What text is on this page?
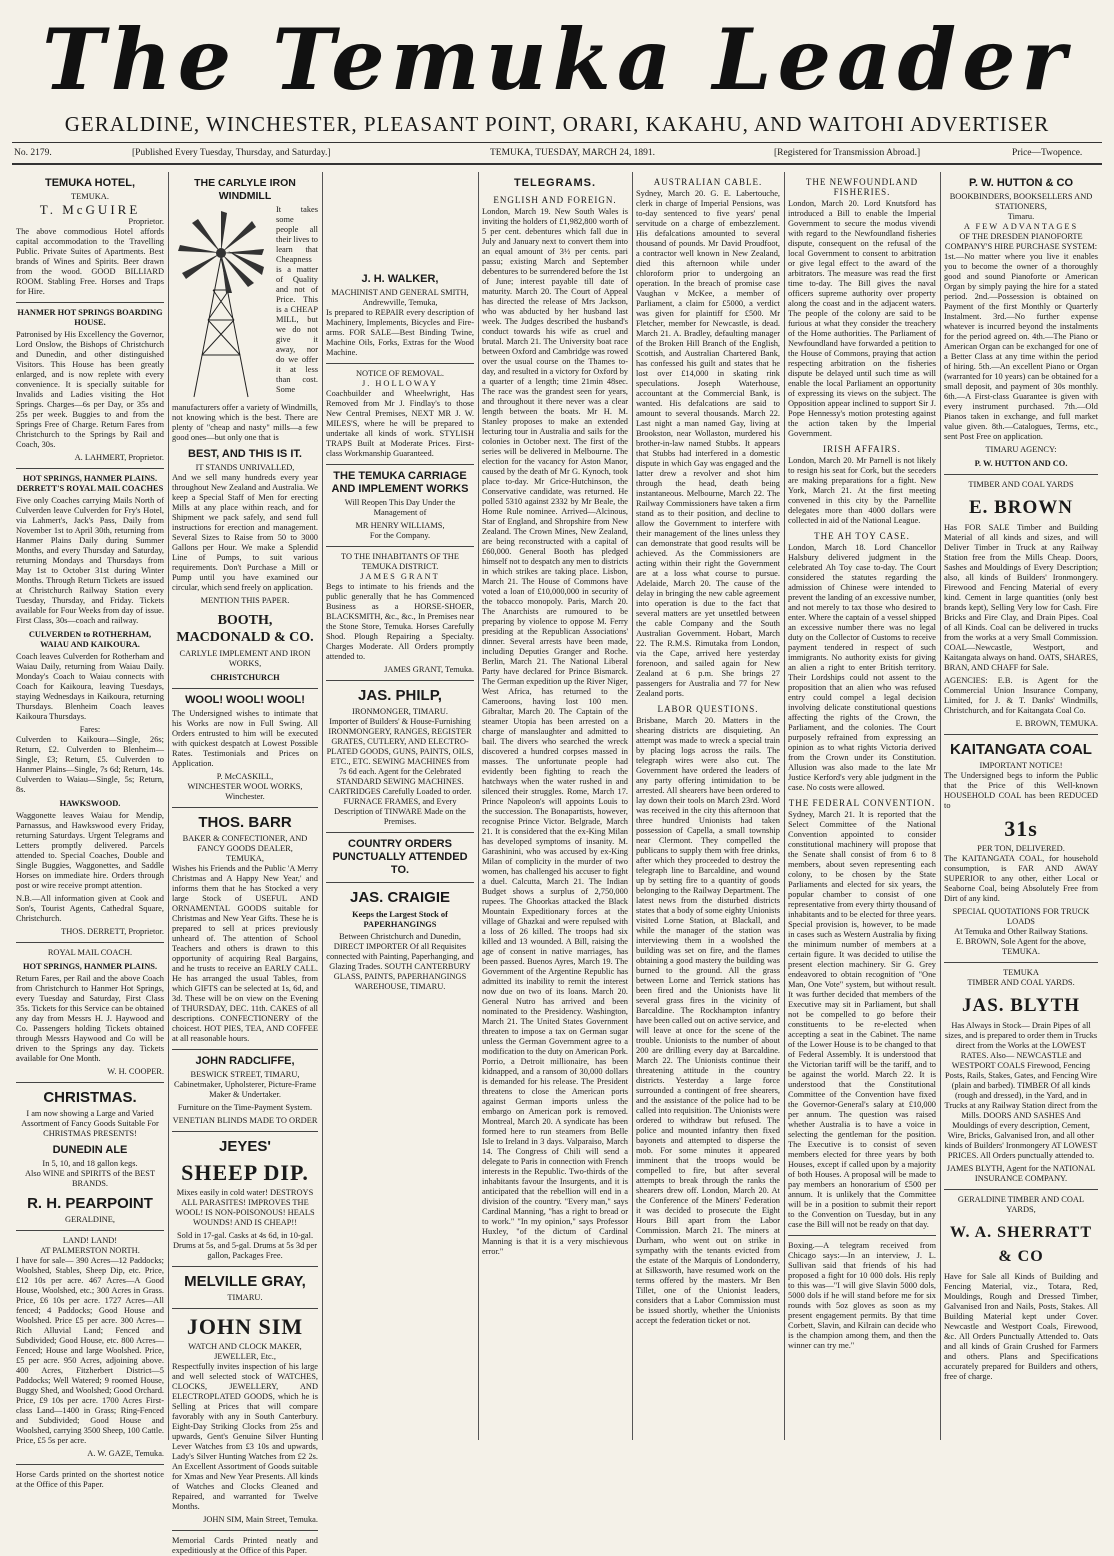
The Temuka Leader
GERALDINE, WINCHESTER, PLEASANT POINT, ORARI, KAKAHU, AND WAITOHI ADVERTISER
No. 2179.	[Published Every Tuesday, Thursday, and Saturday.]	TEMUKA, TUESDAY, MARCH 24, 1891.	[Registered for Transmission Abroad.]	Price—Twopence.
TEMUKA HOTEL,
TEMUKA.
T. McGUIRE
Proprietor.

The above commodious Hotel affords capital accommodation to the Travelling Public. Private Suites of Apartments. Best brands of Wines and Spirits. Beer drawn from the wood. GOOD BILLIARD ROOM. Stabling Free. Horses and Traps for Hire.

HANMER HOT SPRINGS BOARDING HOUSE.

Patronised by His Excellency the Governor, Lord Onslow, the Bishops of Christchurch and Dunedin, and other distinguished Visitors. This House has been greatly enlarged, and is now replete with every convenience. It is specially suitable for Invalids and Ladies visiting the Hot Springs. Charges—6s per Day, or 35s and 25s per week. Buggies to and from the Springs Free of Charge. Return Fares from Christchurch to the Springs by Rail and Coach, 30s.

A. LAHMERT, Proprietor.
HOT SPRINGS, HANMER PLAINS. DERRETT'S ROYAL MAIL COACHES

Five only Coaches carrying Mails North of Culverden leave Culverden for Fry's Hotel, via Lahmert's, Jack's Pass, Daily from November 1st to April 30th, returning from Hanmer Plains Daily during Summer Months, and every Thursday and Saturday, returning Mondays and Thursdays from May 1st to October 31st during Winter Months. Through Return Tickets are issued at Christchurch Railway Station every Tuesday, Thursday, and Friday. Tickets available for Four Weeks from day of issue. First Class, 30s—coach and railway.

CULVERDEN to ROTHERHAM, WAIAU AND KAIKOURA.

Coach leaves Culverden for Rotherham and Waiau Daily, returning from Waiau Daily. Monday's Coach to Waiau connects with Coach for Kaikoura, leaving Tuesdays, staying Wednesdays in Kaikoura, returning Thursdays. Blenheim Coach leaves Kaikoura Thursdays.

Fares:

Culverden to Kaikoura—Single, 26s; Return, £2. Culverden to Blenheim—Single, £3; Return, £5. Culverden to Hanmer Plains—Single, 7s 6d; Return, 14s. Culverden to Waiau—Single, 5s; Return, 8s.

HAWKSWOOD.

Waggonette leaves Waiau for Mendip, Parnassus, and Hawkswood every Friday, returning Saturdays. Urgent Telegrams and Letters promptly delivered. Parcels attended to. Special Coaches, Double and Single Buggies, Waggonettes, and Saddle Horses on immediate hire. Orders through post or wire receive prompt attention.

N.B.—All information given at Cook and Son's, Tourist Agents, Cathedral Square, Christchurch.

THOS. DERRETT, Proprietor.
ROYAL MAIL COACH.
HOT SPRINGS, HANMER PLAINS.

Return Fares, per Rail and the above Coach from Christchurch to Hanmer Hot Springs, every Tuesday and Saturday, First Class 35s. Tickets for this Service can be obtained any day from Messrs H. J. Haywood and Co. Passengers holding Tickets obtained through Messrs Haywood and Co will be driven to the Springs any day. Tickets available for One Month.

W. H. COOPER.
CHRISTMAS.

I am now showing a Large and Varied Assortment of Fancy Goods Suitable For CHRISTMAS PRESENTS!

DUNEDIN ALE
In 5, 10, and 18 gallon kegs.

Also WINE and SPIRITS of the BEST BRANDS.

R. H. PEARPOINT
GERALDINE,
LAND! LAND!
AT PALMERSTON NORTH.

I have for sale— 390 Acres—12 Paddocks; Woolshed, Stables, Sheep Dip, etc. Price, £12 10s per acre. 467 Acres—A Good House, Woolshed, etc.; 300 Acres in Grass. Price, £6 10s per acre. 1727 Acres—All fenced; 4 Paddocks; Good House and Woolshed. Price £5 per acre. 300 Acres—Rich Alluvial Land; Fenced and Subdivided; Good House, etc. 800 Acres—Fenced; House and large Woolshed. Price, £5 per acre. 950 Acres, adjoining above. 400 Acres, Fitzherbert District—5 Paddocks; Well Watered; 9 roomed House, Buggy Shed, and Woolshed; Good Orchard. Price, £9 10s per acre. 1700 Acres First-class Land—1400 in Grass; Ring-Fenced and Subdivided; Good House and Woolshed, carrying 3500 Sheep, 100 Cattle. Price, £5 5s per acre.

A. W. GAZE, Temuka.

Horse Cards printed on the shortest notice at the Office of this Paper.

THE CARLYLE IRON WINDMILL

It takes some people all their lives to learn that Cheapness is a matter of Quality and not of Price. This is a CHEAP MILL, but we do not give it away, nor do we offer it at less than cost. Some manufacturers offer a variety of Windmills, not knowing which is the best. There are plenty of "cheap and nasty" mills—a few good ones—but only one that is

BEST, AND THIS IS IT.
IT STANDS UNRIVALLED,

And we sell many hundreds every year throughout New Zealand and Australia. We keep a Special Staff of Men for erecting Mills at any place within reach, and for Shipment we pack safely, and send full instructions for erection and management. Several Sizes to Raise from 50 to 3000 Gallons per Hour. We make a Splendid Line of Pumps, to suit various requirements. Don't Purchase a Mill or Pump until you have examined our circular, which send freely on application.

MENTION THIS PAPER.
BOOTH, MACDONALD & CO.
CARLYLE IMPLEMENT AND IRON WORKS,
CHRISTCHURCH
WOOL! WOOL! WOOL!

The Undersigned wishes to intimate that his Works are now in Full Swing. All Orders entrusted to him will be executed with quickest despatch at Lowest Possible Rates. Testimonials and Prices on Application.

P. McCASKILL,
WINCHESTER WOOL WORKS, Winchester.
THOS. BARR
BAKER & CONFECTIONER, AND FANCY GOODS DEALER,
TEMUKA,

Wishes his Friends and the Public 'A Merry Christmas and A Happy New Year,' and informs them that he has Stocked a very large Stock of USEFUL AND ORNAMENTAL GOODS suitable for Christmas and New Year Gifts. These he is prepared to sell at prices previously unheard of. The attention of School Teachers and others is drawn to this opportunity of acquiring Real Bargains, and he trusts to receive an EARLY CALL. He has arranged the usual Tables, from which GIFTS can be selected at 1s, 6d, and 3d. These will be on view on the Evening of THURSDAY, DEC. 11th. CAKES of all descriptions. CONFECTIONERY of the choicest. HOT PIES, TEA, AND COFFEE at all reasonable hours.

JOHN RADCLIFFE,
BESWICK STREET, TIMARU,

Cabinetmaker, Upholsterer, Picture-Frame Maker & Undertaker.

Furniture on the Time-Payment System.

VENETIAN BLINDS MADE TO ORDER

JEYES'
SHEEP DIP.

Mixes easily in cold water! DESTROYS ALL PARASITES! IMPROVES THE WOOL! IS NON-POISONOUS! HEALS WOUNDS! AND IS CHEAP!!

Sold in 17-gal. Casks at 4s 6d, in 10-gal. Drums at 5s, and 5-gal. Drums at 5s 3d per gallon, Packages Free.

MELVILLE GRAY,
TIMARU.
JOHN SIM
WATCH AND CLOCK MAKER, JEWELLER, Etc.,

Respectfully invites inspection of his large and well selected stock of WATCHES, CLOCKS, JEWELLERY, AND ELECTROPLATED GOODS, which he is Selling at Prices that will compare favorably with any in South Canterbury. Eight-Day Striking Clocks from 25s and upwards, Gent's Genuine Silver Hunting Lever Watches from £3 10s and upwards, Lady's Silver Hunting Watches from £2 2s. An Excellent Assortment of Goods suitable for Xmas and New Year Presents. All kinds of Watches and Clocks Cleaned and Repaired, and warranted for Twelve Months.

JOHN SIM, Main Street, Temuka.

Memorial Cards Printed neatly and expeditiously at the Office of this Paper.

J. H. WALKER,
MACHINIST AND GENERAL SMITH,
Andrewville, Temuka,

Is prepared to REPAIR every description of Machinery, Implements, Bicycles and Fire-arms. FOR SALE—Best Binding Twine, Machine Oils, Forks, Extras for the Wood Machine.

NOTICE OF REMOVAL.
J. HOLLOWAY

Coachbuilder and Wheelwright, Has Removed from Mr J. Findlay's to those New Central Premises, NEXT MR J. W. MILES'S, where he will be prepared to undertake all kinds of work. STYLISH TRAPS Built at Moderate Prices. First-class Workmanship Guaranteed.

THE TEMUKA CARRIAGE AND IMPLEMENT WORKS

Will Reopen This Day Under the Management of

MR HENRY WILLIAMS,
For the Company.
TO THE INHABITANTS OF THE TEMUKA DISTRICT.
JAMES GRANT

Begs to intimate to his friends and the public generally that he has Commenced Business as a HORSE-SHOER, BLACKSMITH, &c., &c., In Premises near the Stone Store, Temuka. Horses Carefully Shod. Plough Repairing a Specialty. Charges Moderate. All Orders promptly attended to.

JAMES GRANT, Temuka.
JAS. PHILP,
IRONMONGER, TIMARU.

Importer of Builders' & House-Furnishing IRONMONGERY, RANGES, REGISTER GRATES, CUTLERY, AND ELECTRO-PLATED GOODS, GUNS, PAINTS, OILS, ETC., ETC. SEWING MACHINES from 7s 6d each. Agent for the Celebrated STANDARD SEWING MACHINES. CARTRIDGES Carefully Loaded to order. FURNACE FRAMES, and Every Description of TINWARE Made on the Premises.

COUNTRY ORDERS PUNCTUALLY ATTENDED TO.
JAS. CRAIGIE
Keeps the Largest Stock of PAPERHANGINGS

Between Christchurch and Dunedin, DIRECT IMPORTER Of all Requisites connected with Painting, Paperhanging, and Glazing Trades. SOUTH CANTERBURY GLASS, PAINTS, PAPERHANGINGS WAREHOUSE, TIMARU.

TELEGRAMS.
ENGLISH AND FOREIGN.

London, March 19. New South Wales is inviting the holders of £1,982,800 worth of 5 per cent. debentures which fall due in July and January next to convert them into an equal amount of 3½ per cents. pari passu; existing March and September debentures to be surrendered before the 1st of June; interest payable till date of maturity. March 20. The Court of Appeal has directed the release of Mrs Jackson, who was abducted by her husband last week. The Judges described the husband's conduct towards his wife as cruel and brutal. March 21. The University boat race between Oxford and Cambridge was rowed over the usual course on the Thames to-day, and resulted in a victory for Oxford by a quarter of a length; time 21min 48sec. The race was the grandest seen for years, and throughout it there never was a clear length between the boats. Mr H. M. Stanley proposes to make an extended lecturing tour in Australia and sails for the colonies in October next. The first of the series will be delivered in Melbourne. The election for the vacancy for Aston Manor, caused by the death of Mr G. Kynoch, took place to-day. Mr Grice-Hutchinson, the Conservative candidate, was returned. He polled 5310 against 2332 by Mr Beale, the Home Rule nominee. Arrived—Alcinous, Star of England, and Shropshire from New Zealand. The Crown Mines, New Zealand, are being reconstructed with a capital of £60,000. General Booth has pledged himself not to despatch any men to districts in which strikes are taking place. Lisbon, March 21. The House of Commons have voted a loan of £10,000,000 in security of the tobacco monopoly. Paris, March 20. The Anarchists are rumoured to be preparing by violence to oppose M. Ferry presiding at the Republican Associations' dinner. Several arrests have been made, including Deputies Granger and Roche. Berlin, March 21. The National Liberal Party have declared for Prince Bismarck. The German expedition up the River Niger, West Africa, has returned to the Cameroons, having lost 100 men. Gibraltar, March 20. The Captain of the steamer Utopia has been arrested on a charge of manslaughter and admitted to bail. The divers who searched the wreck discovered a hundred corpses massed in masses. The unfortunate people had evidently been fighting to reach the hatchways when the water rushed in and silenced their struggles. Rome, March 17. Prince Napoleon's will appoints Louis to the succession. The Bonapartists, however, recognise Prince Victor. Belgrade, March 21. It is considered that the ex-King Milan has developed symptoms of insanity. M. Garashinini, who was accused by ex-King Milan of complicity in the murder of two women, has challenged his accuser to fight a duel. Calcutta, March 21. The Indian Budget shows a surplus of 2,750,000 rupees. The Ghoorkas attacked the Black Mountain Expeditionary forces at the village of Ghazkai and were repulsed with a loss of 26 killed. The troops had six killed and 13 wounded. A Bill, raising the age of consent in native marriages, has been passed. Buenos Ayres, March 19. The Government of the Argentine Republic has admitted its inability to remit the interest now due on two of its loans. March 20. General Nutro has arrived and been nominated to the Presidency. Washington, March 21. The United States Government threaten to impose a tax on German sugar unless the German Government agree to a modification to the duty on American Pork. Porrio, a Detroit millionaire, has been kidnapped, and a ransom of 30,000 dollars is demanded for his release. The President threatens to close the American ports against German imports unless the embargo on American pork is removed. Montreal, March 20. A syndicate has been formed here to run steamers from Belle Isle to Ireland in 3 days. Valparaiso, March 14. The Congress of Chili will send a delegate to Paris in connection with French interests in the Republic. Two-thirds of the inhabitants favour the Insurgents, and it is anticipated that the rebellion will end in a division of the country. "Every man," says Cardinal Manning, "has a right to bread or to work." "In my opinion," says Professor Huxley, "of the dictum of Cardinal Manning is that it is a very mischievous error."

AUSTRALIAN CABLE.

Sydney, March 20. G. E. Labertouche, clerk in charge of Imperial Pensions, was to-day sentenced to five years' penal servitude on a charge of embezzlement. His defalcations amounted to several thousand of pounds. Mr David Proudfoot, a contractor well known in New Zealand, died this afternoon while under chloroform prior to undergoing an operation. In the breach of promise case Vaughan v McKee, a member of Parliament, a claim for £5000, a verdict was given for plaintiff for £500. Mr Fletcher, member for Newcastle, is dead. March 21. A. Bradley, defaulting manager of the Broken Hill Branch of the English, Scottish, and Australian Chartered Bank, has confessed his guilt and states that he lost over £14,000 in skating rink speculations. Joseph Waterhouse, accountant at the Commercial Bank, is wanted. His defalcations are said to amount to several thousands. March 22. Last night a man named Gay, living at Brookston, near Wollaston, murdered his brother-in-law named Stubbs. It appears that Stubbs had interfered in a domestic dispute in which Gay was engaged and the latter drew a revolver and shot him through the head, death being instantaneous. Melbourne, March 22. The Railway Commissioners have taken a firm stand as to their position, and decline to allow the Government to interfere with their management of the lines unless they can demonstrate that good results will be achieved. As the Commissioners are acting within their right the Government are at a loss what course to pursue. Adelaide, March 20. The cause of the delay in bringing the new cable agreement into operation is due to the fact that several matters are yet unsettled between the cable Company and the South Australian Government. Hobart, March 22. The R.M.S. Rimutaka from London, via the Cape, arrived here yesterday forenoon, and sailed again for New Zealand at 6 p.m. She brings 27 passengers for Australia and 77 for New Zealand ports.

LABOR QUESTIONS.

Brisbane, March 20. Matters in the shearing districts are disquieting. An attempt was made to wreck a special train by placing logs across the rails. The telegraph wires were also cut. The Government have ordered the leaders of any party offering intimidation to be arrested. All shearers have been ordered to lay down their tools on March 23rd. Word was received in the city this afternoon that three hundred Unionists had taken possession of Capella, a small township near Clermont. They compelled the publicans to supply them with free drinks, after which they proceeded to destroy the telegraph line to Barcaldine, and wound up by setting fire to a quantity of goods belonging to the Railway Department. The latest news from the disturbed districts states that a body of some eighty Unionists visited Lorne Station, at Blackall, and while the manager of the station was interviewing them in a woolshed the building was set on fire, and the flames obtaining a good mastery the building was burned to the ground. All the grass between Lorne and Terrick stations has been fired and the Unionists have lit several grass fires in the vicinity of Barcaldine. The Rockhampton infantry have been called out on active service, and will leave at once for the scene of the trouble. Unionists to the number of about 200 are drilling every day at Barcaldine. March 22. The Unionists continue their threatening attitude in the country districts. Yesterday a large force surrounded a contingent of free shearers, and the assistance of the police had to be called into requisition. The Unionists were ordered to withdraw but refused. The police and mounted infantry then fixed bayonets and attempted to disperse the mob. For some minutes it appeared imminent that the troops would be compelled to fire, but after several attempts to break through the ranks the shearers drew off. London, March 20. At the Conference of the Miners' Federation it was decided to prosecute the Eight Hours Bill apart from the Labor Commission. March 21. The miners at Durham, who went out on strike in sympathy with the tenants evicted from the estate of the Marquis of Londonderry, at Silksworth, have resumed work on the terms offered by the masters. Mr Ben Tillet, one of the Unionist leaders, considers that a Labor Commission must be issued shortly, whether the Unionists accept the federation ticket or not.

THE NEWFOUNDLAND FISHERIES.

London, March 20. Lord Knutsford has introduced a Bill to enable the Imperial Government to secure the modus vivendi with regard to the Newfoundland fisheries dispute, consequent on the refusal of the local Government to consent to arbitration or give legal effect to the award of the arbitrators. The measure was read the first time to-day. The Bill gives the naval officers supreme authority over property along the coast and in the adjacent waters. The people of the colony are said to be furious at what they consider the treachery of the Home authorities. The Parliament of Newfoundland have forwarded a petition to the House of Commons, praying that action respecting arbitration on the fisheries dispute be delayed until such time as will enable the local Parliament an opportunity of expressing its views on the subject. The Opposition appear inclined to support Sir J. Pope Hennessy's motion protesting against the action taken by the Imperial Government.

IRISH AFFAIRS.

London, March 20. Mr Parnell is not likely to resign his seat for Cork, but the seceders are making preparations for a fight. New York, March 21. At the first meeting convened in this city by the Parnellite delegates more than 4000 dollars were collected in aid of the National League.

THE AH TOY CASE.

London, March 18. Lord Chancellor Halsbury delivered judgment in the celebrated Ah Toy case to-day. The Court considered the statutes regarding the admission of Chinese were intended to prevent the landing of an excessive number, and not merely to tax those who desired to enter. Where the captain of a vessel shipped an excessive number there was no legal duty on the Collector of Customs to receive payment tendered in respect of such immigrants. No authority exists for giving an alien a right to enter British territory. Their Lordships could not assent to the proposition that an alien who was refused entry could compel a legal decision involving delicate constitutional questions affecting the rights of the Crown, the Parliament, and the colonies. The Court purposely refrained from expressing an opinion as to what rights Victoria derived from the Crown under its Constitution. Allusion was also made to the late Mr Justice Kerford's very able judgment in the case. No costs were allowed.

THE FEDERAL CONVENTION.

Sydney, March 21. It is reported that the Select Committee of the National Convention appointed to consider constitutional machinery will propose that the Senate shall consist of from 6 to 8 members, about seven representing each colony, to be chosen by the State Parliaments and elected for six years, the popular chamber to consist of one representative from every thirty thousand of inhabitants and to be elected for three years. Special provision is, however, to be made in cases such as Western Australia by fixing the minimum number of members at a certain figure. It was decided to utilise the present election machinery. Sir G. Grey endeavored to obtain recognition of "One Man, One Vote" system, but without result. It was further decided that members of the Executive may sit in Parliament, but shall not be compelled to go before their constituents to be re-elected when accepting a seat in the Cabinet. The name of the Lower House is to be changed to that of Federal Assembly. It is understood that the Victorian tariff will be the tariff, and to be against the world. March 22. It is understood that the Constitutional Committee of the Convention have fixed the Governor-General's salary at £10,000 per annum. The question was raised whether Australia is to have a voice in selecting the gentleman for the position. The Executive is to consist of seven members elected for three years by both Houses, except if called upon by a majority of both Houses. A proposal will be made to pay members an honorarium of £500 per annum. It is unlikely that the Committee will be in a position to submit their report to the Convention on Tuesday, but in any case the Bill will not be ready on that day.

Boxing.—A telegram received from Chicago says:—In an interview, J. L. Sullivan said that friends of his had proposed a fight for 10 000 dols. His reply to this was—"I will give Slavin 5000 dols, 5000 dols if he will stand before me for six rounds with 5oz gloves as soon as my present engagement permits. By that time Corbett, Slavin, and Kilrain can decide who is the champion among them, and then the winner can try me."

P. W. HUTTON & CO
BOOKBINDERS, BOOKSELLERS AND STATIONERS,
Timaru.
A FEW ADVANTAGES
OF THE DRESDEN PIANOFORTE COMPANY'S HIRE PURCHASE SYSTEM:

1st.—No matter where you live it enables you to become the owner of a thoroughly good and sound Pianoforte or American Organ by simply paying the hire for a stated period. 2nd.—Possession is obtained on Payment of the first Monthly or Quarterly Instalment. 3rd.—No further expense whatever is incurred beyond the instalments for the period agreed on. 4th.—The Piano or American Organ can be exchanged for one of a Better Class at any time within the period of hiring. 5th.—An excellent Piano or Organ (warranted for 10 years) can be obtained for a small deposit, and payment of 30s monthly. 6th.—A First-class Guarantee is given with every instrument purchased. 7th.—Old Pianos taken in exchange, and full market value given. 8th.—Catalogues, Terms, etc., sent Post Free on application.

TIMARU AGENCY:
P. W. HUTTON AND CO.
TIMBER AND COAL YARDS
E. BROWN

Has FOR SALE Timber and Building Material of all kinds and sizes, and will Deliver Timber in Truck at any Railway Station free from the Mills Cheap. Doors, Sashes and Mouldings of Every Description; also, all kinds of Builders' Ironmongery. Firewood and Fencing Material of every kind. Cement in large quantities (only best brands kept), Selling Very low for Cash. Fire Bricks and Fire Clay, and Drain Pipes. Coal of all Kinds. Coal can be delivered in trucks from the works at a very Small Commission. COAL—Newcastle, Westport, and Kaitangata always on hand. OATS, SHARES, BRAN, AND CHAFF for Sale.

AGENCIES: E.B. is Agent for the Commercial Union Insurance Company, Limited, for J. & T. Danks' Windmills, Christchurch, and for Kaitangata Coal Co.

E. BROWN, TEMUKA.
KAITANGATA COAL
IMPORTANT NOTICE!

The Undersigned begs to inform the Public that the Price of this Well-known HOUSEHOLD COAL has been REDUCED to

31s
PER TON, DELIVERED.

The KAITANGATA COAL, for household consumption, is FAR AND AWAY SUPERIOR to any other, either Local or Seaborne Coal, being Absolutely Free from Dirt of any kind.

SPECIAL QUOTATIONS FOR TRUCK LOADS
At Temuka and Other Railway Stations.
E. BROWN, Sole Agent for the above, TEMUKA.
TEMUKA
TIMBER AND COAL YARDS.
JAS. BLYTH

Has Always in Stock— Drain Pipes of all sizes, and is prepared to order them in Trucks direct from the Works at the LOWEST RATES. Also— NEWCASTLE and WESTPORT COALS Firewood, Fencing Posts, Rails, Stakes, Gates, and Fencing Wire (plain and barbed). TIMBER Of all kinds (rough and dressed), in the Yard, and in Trucks at any Railway Station direct from the Mills. DOORS AND SASHES And Mouldings of every description, Cement, Wire, Bricks, Galvanised Iron, and all other kinds of Builders' Ironmongery AT LOWEST PRICES. All Orders punctually attended to.

JAMES BLYTH, Agent for the NATIONAL INSURANCE COMPANY.
GERALDINE TIMBER AND COAL YARDS,
W. A. SHERRATT & CO

Have for Sale all Kinds of Building and Fencing Material, viz., Totara, Red, Mouldings, Rough and Dressed Timber, Galvanised Iron and Nails, Posts, Stakes. All Building Material kept under Cover. Newcastle and Westport Coals, Firewood, &c. All Orders Punctually Attended to. Oats and all kinds of Grain Crushed for Farmers and others. Plans and Specifications accurately prepared for Builders and others, free of charge.
